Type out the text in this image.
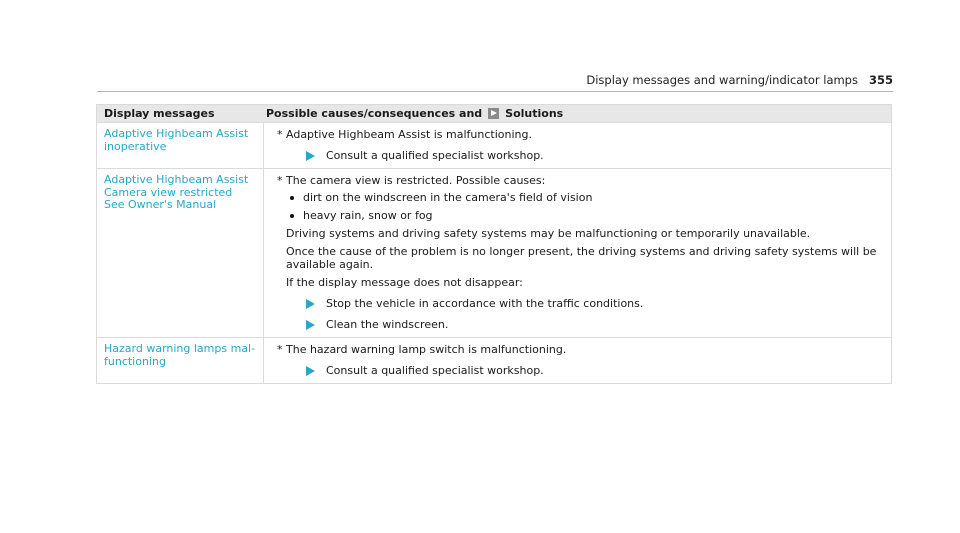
Display messages and warning/indicator lamps 355
Display messages	Possible causes/consequences and Solutions
Adaptive Highbeam Assist
inoperative
* Adaptive Highbeam Assist is malfunctioning.
Consult a qualified specialist workshop.
Adaptive Highbeam Assist
Camera view restricted
See Owner's Manual
* The camera view is restricted. Possible causes:
dirt on the windscreen in the camera's field of vision
heavy rain, snow or fog
Driving systems and driving safety systems may be malfunctioning or temporarily unavailable.
Once the cause of the problem is no longer present, the driving systems and driving safety systems will be available again.
If the display message does not disappear:
Stop the vehicle in accordance with the traffic conditions.
Clean the windscreen.
Hazard warning lamps mal-
functioning
* The hazard warning lamp switch is malfunctioning.
Consult a qualified specialist workshop.
